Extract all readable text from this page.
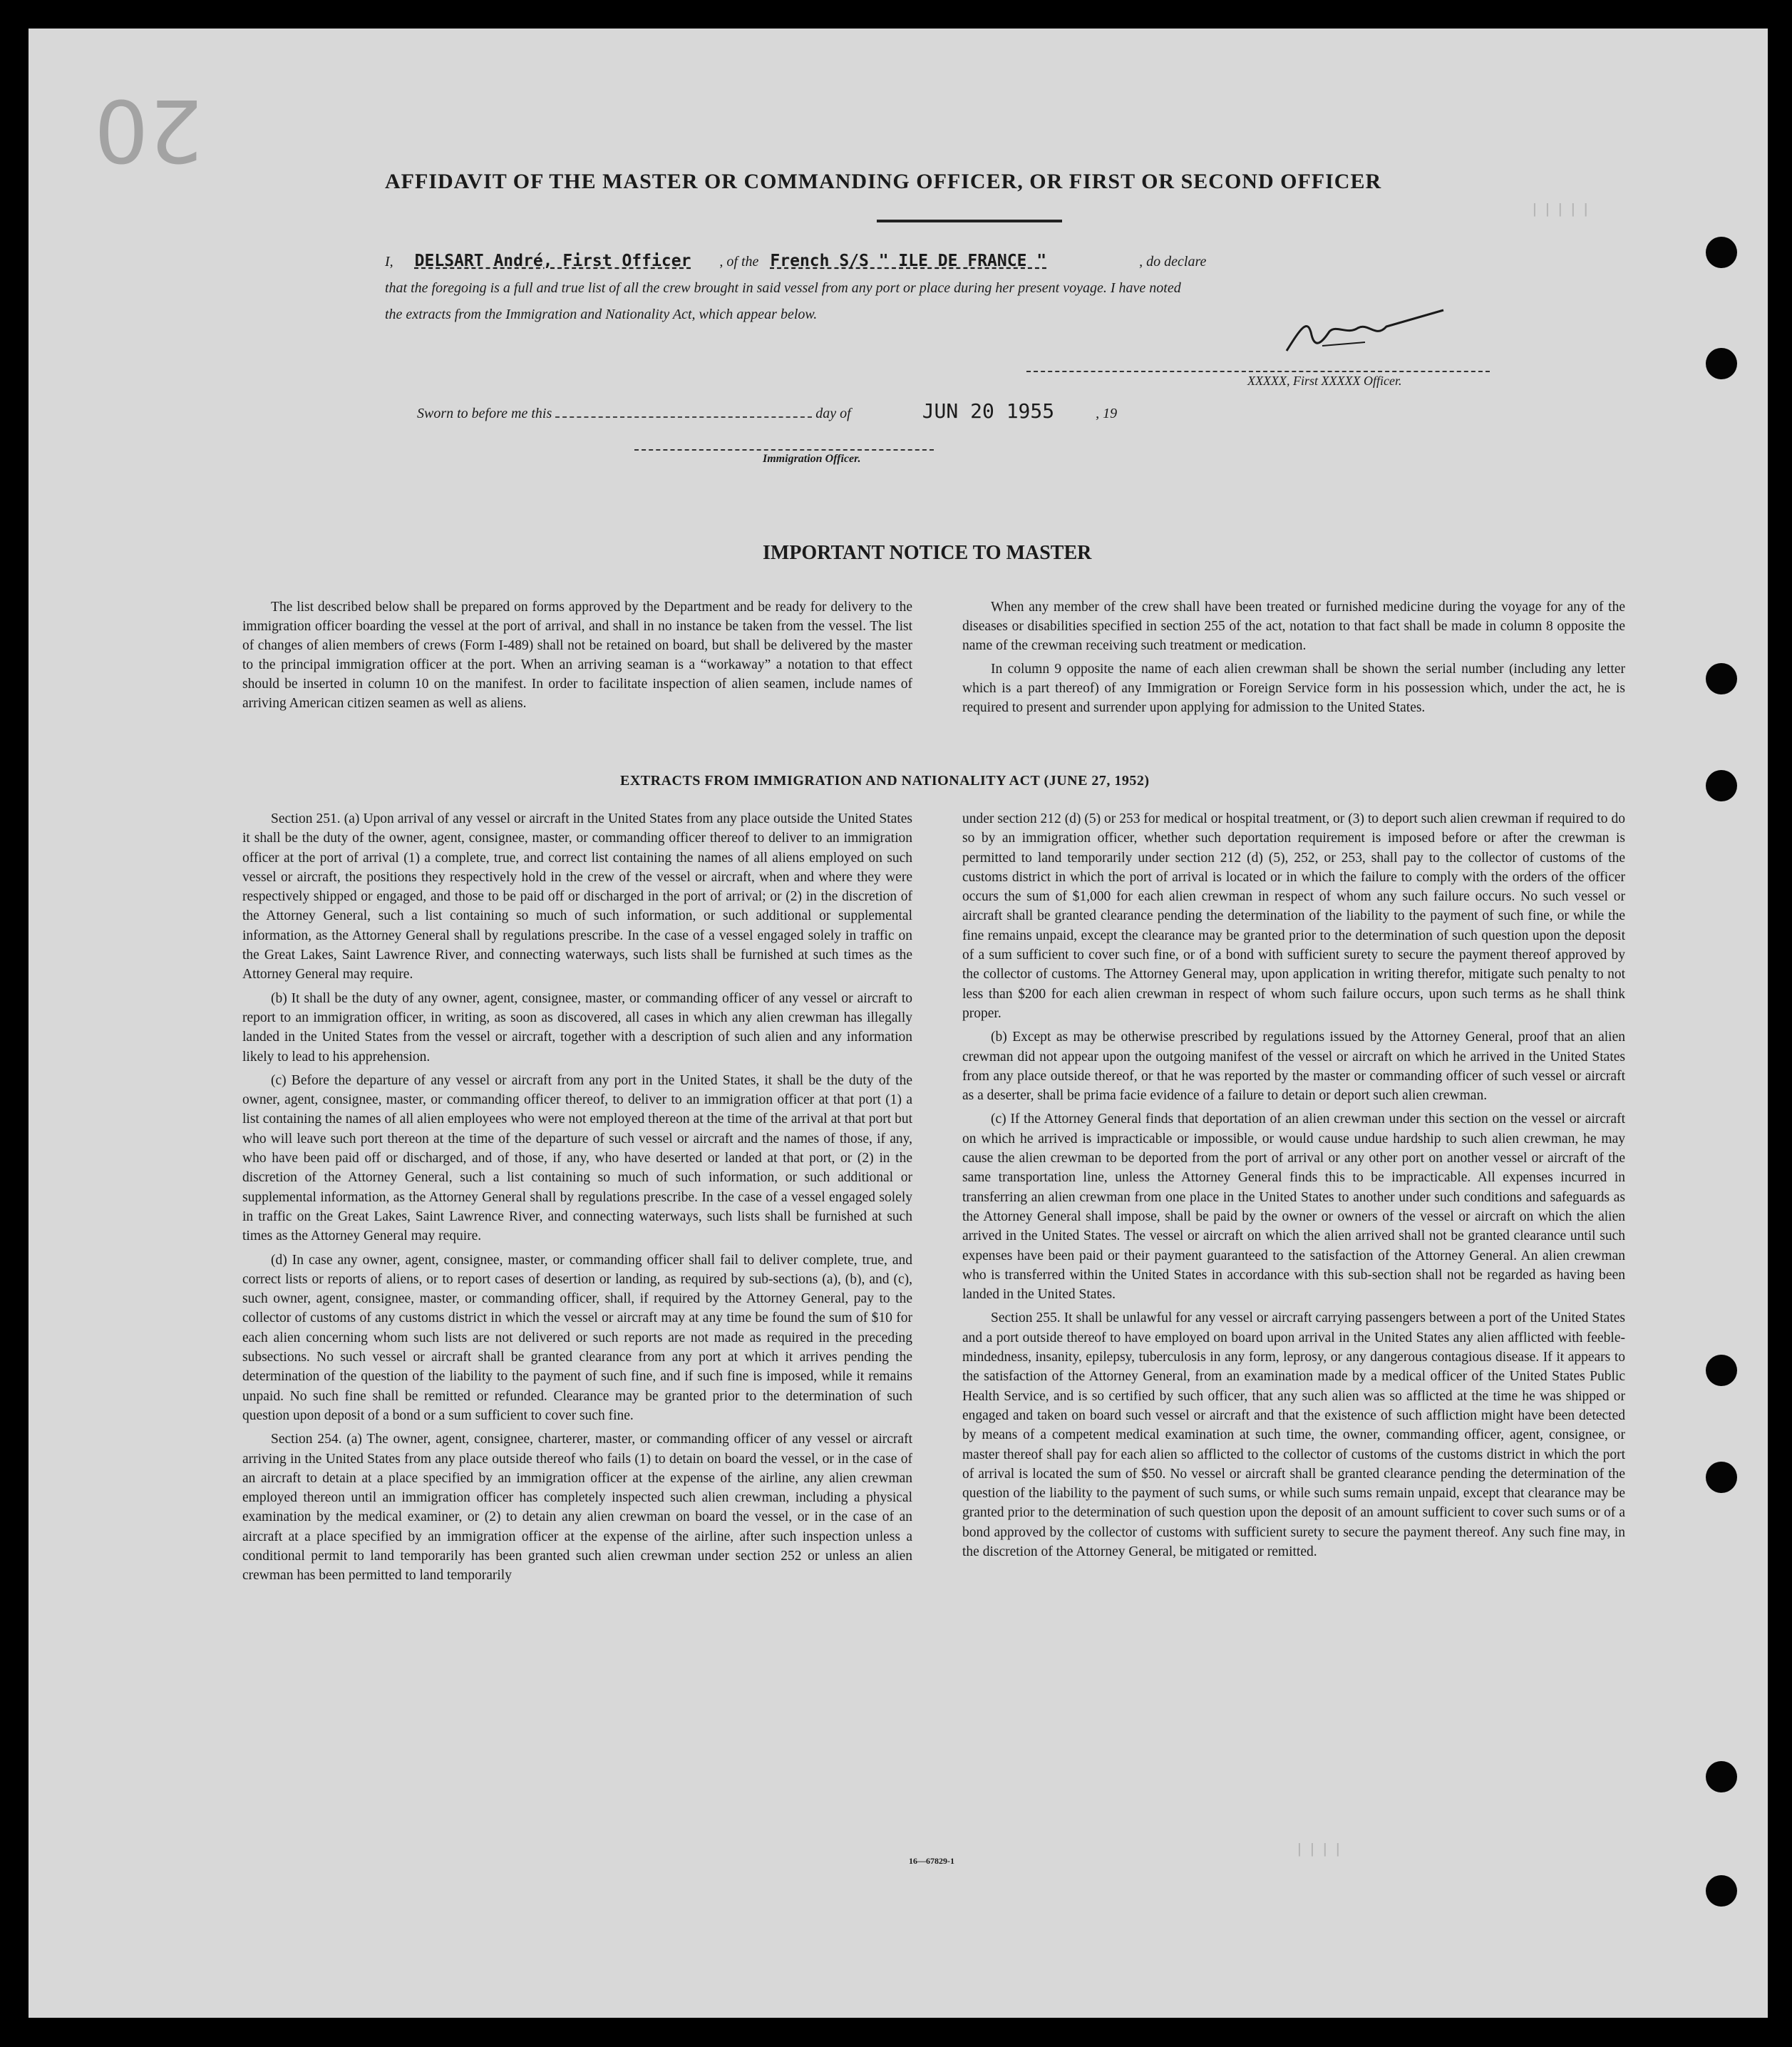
20
ꟾ ꟾ ꟾ ꟾ ꟾ
ꟾ ꟾ ꟾ ꟾ
AFFIDAVIT OF THE MASTER OR COMMANDING OFFICER, OR FIRST OR SECOND OFFICER
I, DELSART André, First Officer , of the French S/S " ILE DE FRANCE "	, do declare
that the foregoing is a full and true list of all the crew brought in said vessel from any port or place during her present voyage. I have noted
the extracts from the Immigration and Nationality Act, which appear below.
XXXXX, First XXXXX Officer.
Sworn to before me this	day of	JUN 20 1955	, 19
Immigration Officer.
IMPORTANT NOTICE TO MASTER

The list described below shall be prepared on forms approved by the Department and be ready for delivery to the immigration officer boarding the vessel at the port of arrival, and shall in no instance be taken from the vessel. The list of changes of alien members of crews (Form I-489) shall not be retained on board, but shall be delivered by the master to the principal immigration officer at the port. When an arriving seaman is a “workaway” a notation to that effect should be inserted in column 10 on the manifest. In order to facilitate inspection of alien seamen, include names of arriving American citizen seamen as well as aliens.

When any member of the crew shall have been treated or furnished medicine during the voyage for any of the diseases or disabilities specified in section 255 of the act, notation to that fact shall be made in column 8 opposite the name of the crewman receiving such treatment or medication.

In column 9 opposite the name of each alien crewman shall be shown the serial number (including any letter which is a part thereof) of any Immigration or Foreign Service form in his possession which, under the act, he is required to present and surrender upon applying for admission to the United States.

EXTRACTS FROM IMMIGRATION AND NATIONALITY ACT (JUNE 27, 1952)

Section 251. (a) Upon arrival of any vessel or aircraft in the United States from any place outside the United States it shall be the duty of the owner, agent, consignee, master, or commanding officer thereof to deliver to an immigration officer at the port of arrival (1) a complete, true, and correct list containing the names of all aliens employed on such vessel or aircraft, the positions they respectively hold in the crew of the vessel or aircraft, when and where they were respectively shipped or engaged, and those to be paid off or discharged in the port of arrival; or (2) in the discretion of the Attorney General, such a list containing so much of such information, or such additional or supplemental information, as the Attorney General shall by regulations prescribe. In the case of a vessel engaged solely in traffic on the Great Lakes, Saint Lawrence River, and connecting waterways, such lists shall be furnished at such times as the Attorney General may require.

(b) It shall be the duty of any owner, agent, consignee, master, or commanding officer of any vessel or aircraft to report to an immigration officer, in writing, as soon as discovered, all cases in which any alien crewman has illegally landed in the United States from the vessel or aircraft, together with a description of such alien and any information likely to lead to his apprehension.

(c) Before the departure of any vessel or aircraft from any port in the United States, it shall be the duty of the owner, agent, consignee, master, or commanding officer thereof, to deliver to an immigration officer at that port (1) a list containing the names of all alien employees who were not employed thereon at the time of the arrival at that port but who will leave such port thereon at the time of the departure of such vessel or aircraft and the names of those, if any, who have been paid off or discharged, and of those, if any, who have deserted or landed at that port, or (2) in the discretion of the Attorney General, such a list containing so much of such information, or such additional or supplemental information, as the Attorney General shall by regulations prescribe. In the case of a vessel engaged solely in traffic on the Great Lakes, Saint Lawrence River, and connecting waterways, such lists shall be furnished at such times as the Attorney General may require.

(d) In case any owner, agent, consignee, master, or commanding officer shall fail to deliver complete, true, and correct lists or reports of aliens, or to report cases of desertion or landing, as required by sub-sections (a), (b), and (c), such owner, agent, consignee, master, or commanding officer, shall, if required by the Attorney General, pay to the collector of customs of any customs district in which the vessel or aircraft may at any time be found the sum of $10 for each alien concerning whom such lists are not delivered or such reports are not made as required in the preceding subsections. No such vessel or aircraft shall be granted clearance from any port at which it arrives pending the determination of the question of the liability to the payment of such fine, and if such fine is imposed, while it remains unpaid. No such fine shall be remitted or refunded. Clearance may be granted prior to the determination of such question upon deposit of a bond or a sum sufficient to cover such fine.

Section 254. (a) The owner, agent, consignee, charterer, master, or commanding officer of any vessel or aircraft arriving in the United States from any place outside thereof who fails (1) to detain on board the vessel, or in the case of an aircraft to detain at a place specified by an immigration officer at the expense of the airline, any alien crewman employed thereon until an immigration officer has completely inspected such alien crewman, including a physical examination by the medical examiner, or (2) to detain any alien crewman on board the vessel, or in the case of an aircraft at a place specified by an immigration officer at the expense of the airline, after such inspection unless a conditional permit to land temporarily has been granted such alien crewman under section 252 or unless an alien crewman has been permitted to land temporarily

under section 212 (d) (5) or 253 for medical or hospital treatment, or (3) to deport such alien crewman if required to do so by an immigration officer, whether such deportation requirement is imposed before or after the crewman is permitted to land temporarily under section 212 (d) (5), 252, or 253, shall pay to the collector of customs of the customs district in which the port of arrival is located or in which the failure to comply with the orders of the officer occurs the sum of $1,000 for each alien crewman in respect of whom any such failure occurs. No such vessel or aircraft shall be granted clearance pending the determination of the liability to the payment of such fine, or while the fine remains unpaid, except the clearance may be granted prior to the determination of such question upon the deposit of a sum sufficient to cover such fine, or of a bond with sufficient surety to secure the payment thereof approved by the collector of customs. The Attorney General may, upon application in writing therefor, mitigate such penalty to not less than $200 for each alien crewman in respect of whom such failure occurs, upon such terms as he shall think proper.

(b) Except as may be otherwise prescribed by regulations issued by the Attorney General, proof that an alien crewman did not appear upon the outgoing manifest of the vessel or aircraft on which he arrived in the United States from any place outside thereof, or that he was reported by the master or commanding officer of such vessel or aircraft as a deserter, shall be prima facie evidence of a failure to detain or deport such alien crewman.

(c) If the Attorney General finds that deportation of an alien crewman under this section on the vessel or aircraft on which he arrived is impracticable or impossible, or would cause undue hardship to such alien crewman, he may cause the alien crewman to be deported from the port of arrival or any other port on another vessel or aircraft of the same transportation line, unless the Attorney General finds this to be impracticable. All expenses incurred in transferring an alien crewman from one place in the United States to another under such conditions and safeguards as the Attorney General shall impose, shall be paid by the owner or owners of the vessel or aircraft on which the alien arrived in the United States. The vessel or aircraft on which the alien arrived shall not be granted clearance until such expenses have been paid or their payment guaranteed to the satisfaction of the Attorney General. An alien crewman who is transferred within the United States in accordance with this sub-section shall not be regarded as having been landed in the United States.

Section 255. It shall be unlawful for any vessel or aircraft carrying passengers between a port of the United States and a port outside thereof to have employed on board upon arrival in the United States any alien afflicted with feeble-mindedness, insanity, epilepsy, tuberculosis in any form, leprosy, or any dangerous contagious disease. If it appears to the satisfaction of the Attorney General, from an examination made by a medical officer of the United States Public Health Service, and is so certified by such officer, that any such alien was so afflicted at the time he was shipped or engaged and taken on board such vessel or aircraft and that the existence of such affliction might have been detected by means of a competent medical examination at such time, the owner, commanding officer, agent, consignee, or master thereof shall pay for each alien so afflicted to the collector of customs of the customs district in which the port of arrival is located the sum of $50. No vessel or aircraft shall be granted clearance pending the determination of the question of the liability to the payment of such sums, or while such sums remain unpaid, except that clearance may be granted prior to the determination of such question upon the deposit of an amount sufficient to cover such sums or of a bond approved by the collector of customs with sufficient surety to secure the payment thereof. Any such fine may, in the discretion of the Attorney General, be mitigated or remitted.

16—67829-1
